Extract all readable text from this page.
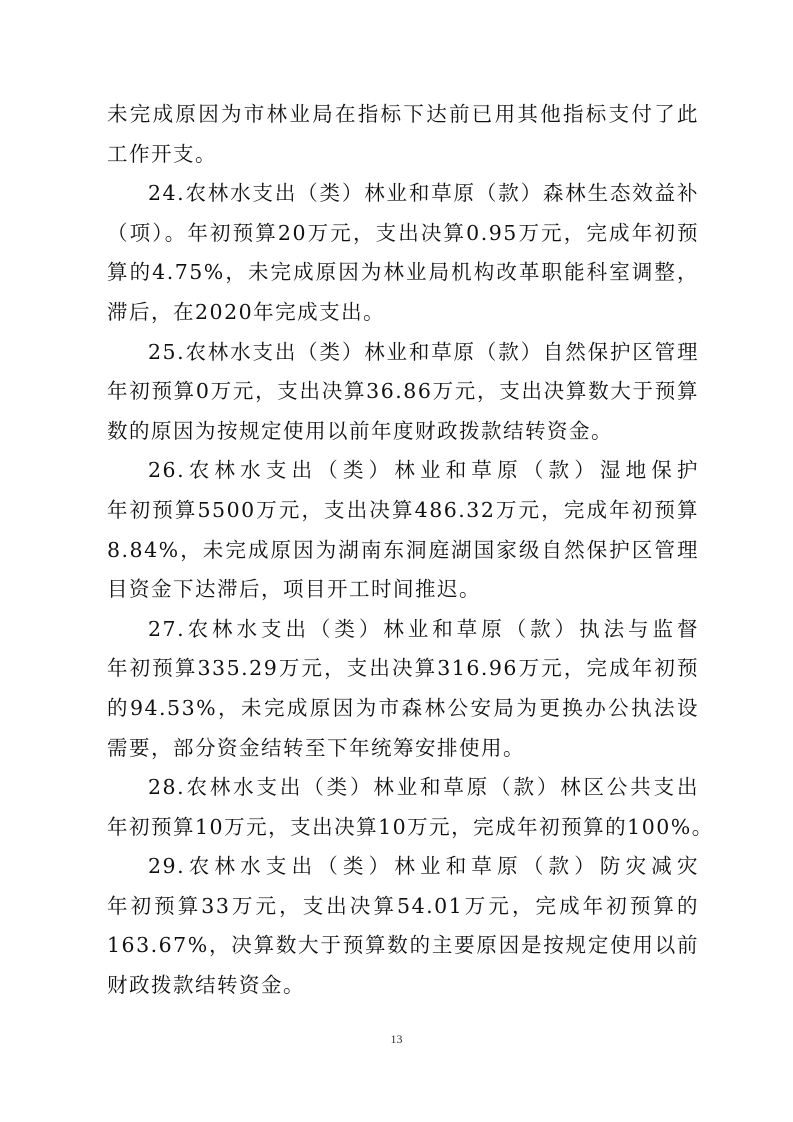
未完成原因为市林业局在指标下达前已用其他指标支付了此
工作开支。
24.农林水支出（类）林业和草原（款）森林生态效益补
（项）。年初预算20万元，支出决算0.95万元，完成年初预
算的4.75%，未完成原因为林业局机构改革职能科室调整，
滞后，在2020年完成支出。
25.农林水支出（类）林业和草原（款）自然保护区管理
年初预算0万元，支出决算36.86万元，支出决算数大于预算
数的原因为按规定使用以前年度财政拨款结转资金。
26.农林水支出（类）林业和草原（款）湿地保护
年初预算5500万元，支出决算486.32万元，完成年初预算
8.84%，未完成原因为湖南东洞庭湖国家级自然保护区管理
目资金下达滞后，项目开工时间推迟。
27.农林水支出（类）林业和草原（款）执法与监督
年初预算335.29万元，支出决算316.96万元，完成年初预
的94.53%，未完成原因为市森林公安局为更换办公执法设
需要，部分资金结转至下年统筹安排使用。
28.农林水支出（类）林业和草原（款）林区公共支出
年初预算10万元，支出决算10万元，完成年初预算的100%。
29.农林水支出（类）林业和草原（款）防灾减灾
年初预算33万元，支出决算54.01万元，完成年初预算的
163.67%，决算数大于预算数的主要原因是按规定使用以前
财政拨款结转资金。
13
